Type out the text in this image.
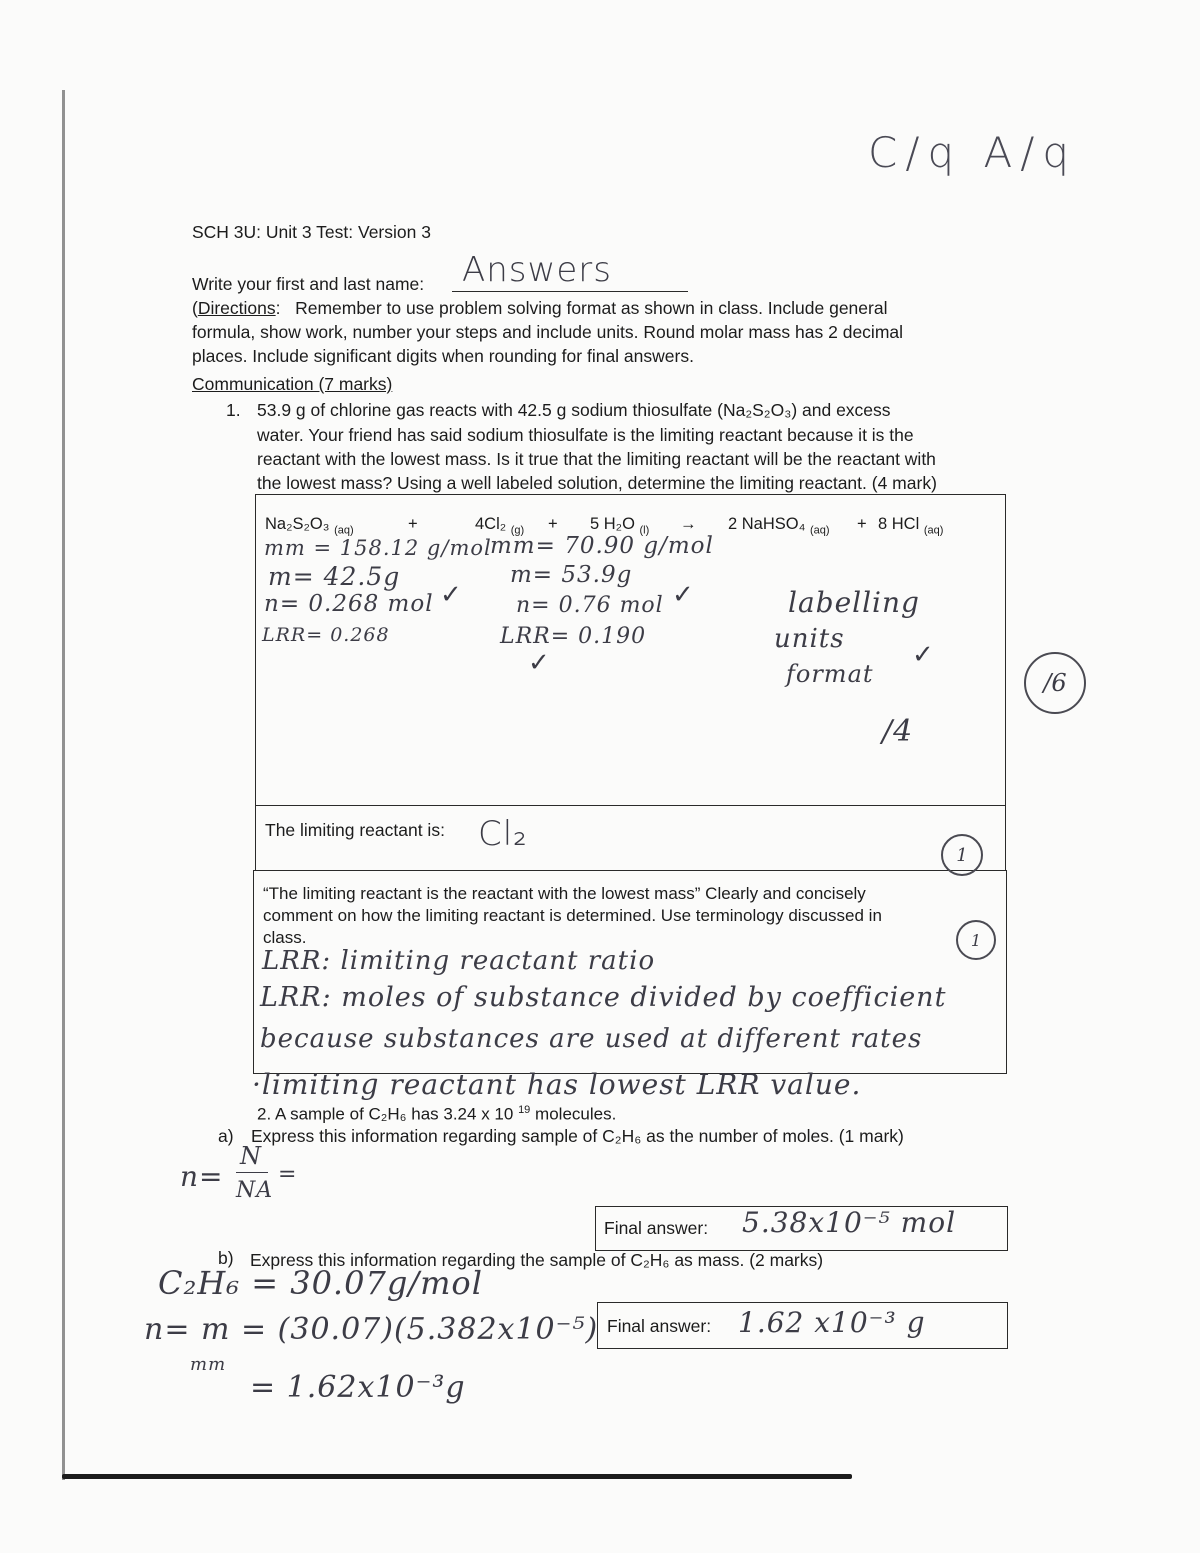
C/q A/q
SCH 3U: Unit 3 Test: Version 3
Write your first and last name: Answers
(Directions:   Remember to use problem solving format as shown in class. Include general
formula, show work, number your steps and include units. Round molar mass has 2 decimal
places. Include significant digits when rounding for final answers.
Communication (7 marks)
1. 53.9 g of chlorine gas reacts with 42.5 g sodium thiosulfate (Na₂S₂O₃) and excess
water. Your friend has said sodium thiosulfate is the limiting reactant because it is the
reactant with the lowest mass. Is it true that the limiting reactant will be the reactant with
the lowest mass? Using a well labeled solution, determine the limiting reactant. (4 mark)
Na₂S₂O₃ $_{(aq)}$	+	4Cl₂ $_{(g)}$ + 5 H₂O $_{(l)}$ → 2 NaHSO₄ $_{(aq)}$ + 8 HCl $_{(aq)}$
mm = 158.12 g/mol
m= 42.5g
n= 0.268 mol
LRR= 0.268
✓
mm= 70.90 g/mol
m= 53.9g
n= 0.76 mol
LRR= 0.190
✓
✓
labelling
units
format
✓
/4
/6
The limiting reactant is: Cl₂
1
“The limiting reactant is the reactant with the lowest mass” Clearly and concisely
comment on how the limiting reactant is determined. Use terminology discussed in
class.	1
LRR: limiting reactant ratio
LRR: moles of substance divided by coefficient
because substances are used at different rates
·limiting reactant has lowest LRR value.
2. A sample of C₂H₆ has 3.24 x 10 $^{19}$ molecules.
a) Express this information regarding sample of C₂H₆ as the number of moles. (1 mark)
n=
N
NA
=
Final answer: 5.38x10⁻⁵ mol
b) Express this information regarding the sample of C₂H₆ as mass. (2 marks)
C₂H₆ = 30.07g/mol
n= m = (30.07)(5.382x10⁻⁵)
mm
= 1.62x10⁻³g
Final answer: 1.62 x10⁻³ g
